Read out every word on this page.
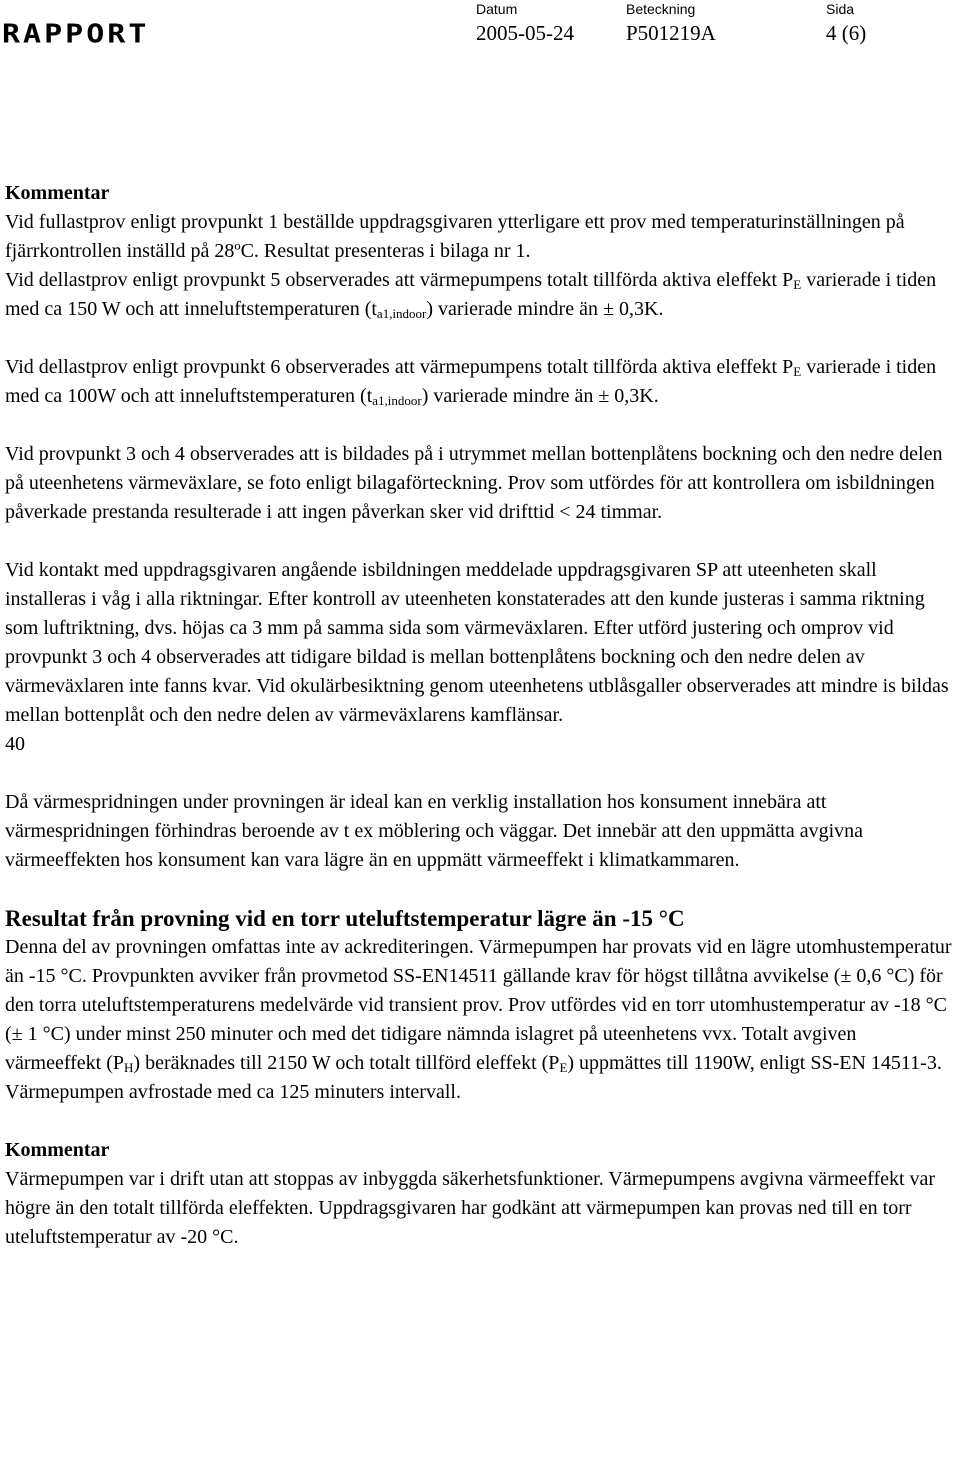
RAPPORT
Datum	Beteckning	Sida
2005-05-24 P501219A	4 (6)

Kommentar

Vid fullastprov enligt provpunkt 1 beställde uppdragsgivaren ytterligare ett prov med temperaturinställningen på fjärrkontrollen inställd på 28ºC. Resultat presenteras i bilaga nr 1.

Vid dellastprov enligt provpunkt 5 observerades att värmepumpens totalt tillförda aktiva eleffekt $P_E$ varierade i tiden med ca 150 W och att inneluftstemperaturen $(t_{a1,indoor})$ varierade mindre än ± 0,3K.

Vid dellastprov enligt provpunkt 6 observerades att värmepumpens totalt tillförda aktiva eleffekt $P_E$ varierade i tiden med ca 100W och att inneluftstemperaturen $(t_{a1,indoor})$ varierade mindre än ± 0,3K.

Vid provpunkt 3 och 4 observerades att is bildades på i utrymmet mellan bottenplåtens bockning och den nedre delen på uteenhetens värmeväxlare, se foto enligt bilagaförteckning. Prov som utfördes för att kontrollera om isbildningen påverkade prestanda resulterade i att ingen påverkan sker vid drifttid < 24 timmar.

Vid kontakt med uppdragsgivaren angående isbildningen meddelade uppdragsgivaren SP att uteenheten skall installeras i våg i alla riktningar. Efter kontroll av uteenheten konstaterades att den kunde justeras i samma riktning som luftriktning, dvs. höjas ca 3 mm på samma sida som värmeväxlaren. Efter utförd justering och omprov vid provpunkt 3 och 4 observerades att tidigare bildad is mellan bottenplåtens bockning och den nedre delen av värmeväxlaren inte fanns kvar. Vid okulärbesiktning genom uteenhetens utblåsgaller observerades att mindre is bildas mellan bottenplåt och den nedre delen av värmeväxlarens kamflänsar.

40

Då värmespridningen under provningen är ideal kan en verklig installation hos konsument innebära att värmespridningen förhindras beroende av t ex möblering och väggar. Det innebär att den uppmätta avgivna värmeeffekten hos konsument kan vara lägre än en uppmätt värmeeffekt i klimatkammaren.

Resultat från provning vid en torr uteluftstemperatur lägre än -15 °C

Denna del av provningen omfattas inte av ackrediteringen. Värmepumpen har provats vid en lägre utomhustemperatur än -15 °C. Provpunkten avviker från provmetod SS-EN14511 gällande krav för högst tillåtna avvikelse (± 0,6 °C) för den torra uteluftstemperaturens medelvärde vid transient prov. Prov utfördes vid en torr utomhustemperatur av -18 °C (± 1 °C) under minst 250 minuter och med det tidigare nämnda islagret på uteenhetens vvx. Totalt avgiven värmeeffekt $(P_H)$ beräknades till 2150 W och totalt tillförd eleffekt $(P_E)$ uppmättes till 1190W, enligt SS-EN 14511-3. Värmepumpen avfrostade med ca 125 minuters intervall.

Kommentar

Värmepumpen var i drift utan att stoppas av inbyggda säkerhetsfunktioner. Värmepumpens avgivna värmeeffekt var högre än den totalt tillförda eleffekten. Uppdragsgivaren har godkänt att värmepumpen kan provas ned till en torr uteluftstemperatur av -20 °C.
